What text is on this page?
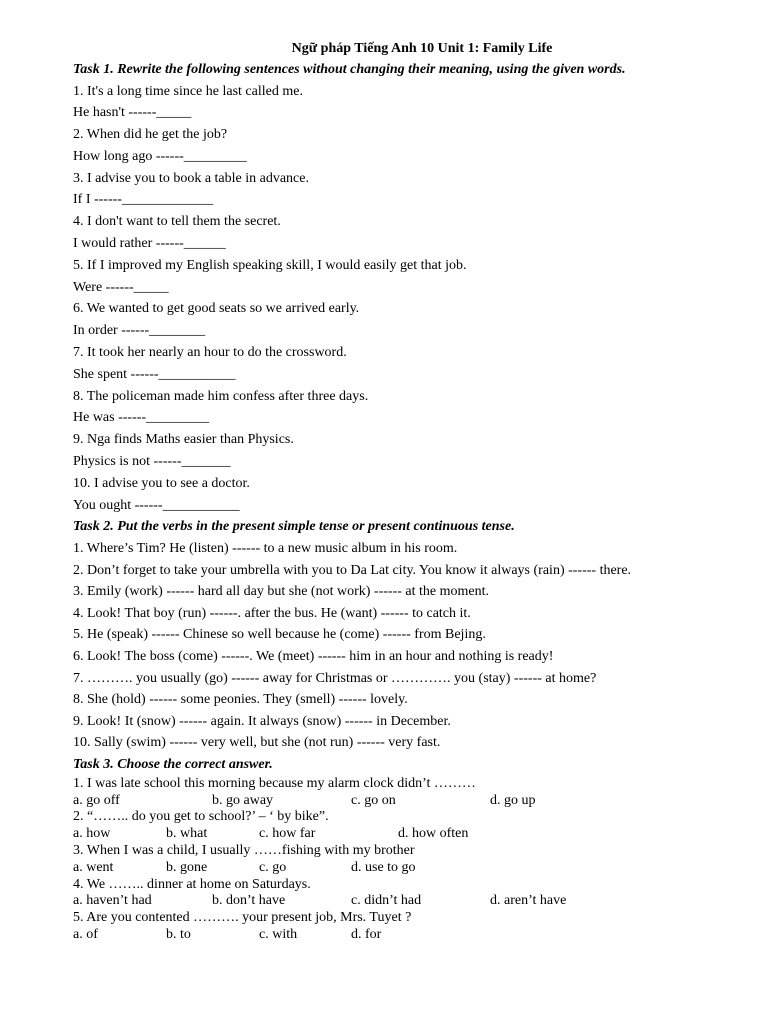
Ngữ pháp Tiếng Anh 10 Unit 1: Family Life
Task 1. Rewrite the following sentences without changing their meaning, using the given words.
1. It's a long time since he last called me.
He hasn't ------_____
2. When did he get the job?
How long ago ------_________
3. I advise you to book a table in advance.
If I ------_____________
4. I don't want to tell them the secret.
I would rather ------______
5. If I improved my English speaking skill, I would easily get that job.
Were ------_____
6. We wanted to get good seats so we arrived early.
In order ------________
7. It took her nearly an hour to do the crossword.
She spent ------___________
8. The policeman made him confess after three days.
He was ------_________
9. Nga finds Maths easier than Physics.
Physics is not ------_______
10. I advise you to see a doctor.
You ought ------___________
Task 2. Put the verbs in the present simple tense or present continuous tense.
1. Where’s Tim? He (listen) ------ to a new music album in his room.
2. Don’t forget to take your umbrella with you to Da Lat city. You know it always (rain) ------ there.
3. Emily (work) ------ hard all day but she (not work) ------ at the moment.
4. Look! That boy (run) ------. after the bus. He (want) ------ to catch it.
5. He (speak) ------ Chinese so well because he (come) ------ from Bejing.
6. Look! The boss (come) ------. We (meet) ------ him in an hour and nothing is ready!
7. ………. you usually (go) ------ away for Christmas or …………. you (stay) ------ at home?
8. She (hold) ------ some peonies. They (smell) ------ lovely.
9. Look! It (snow) ------ again. It always (snow) ------ in December.
10. Sally (swim) ------ very well, but she (not run) ------ very fast.
Task 3. Choose the correct answer.
1. I was late school this morning because my alarm clock didn’t ………
a. go off	b. go away	c. go on	d. go up
2. “…….. do you get to school?’ – ‘ by bike”.
a. how	b. what	c. how far	d. how often
3. When I was a child, I usually ……fishing with my brother
a. went	b. gone	c. go	d. use to go
4. We …….. dinner at home on Saturdays.
a. haven’t had	b. don’t have	c. didn’t had	d. aren’t have
5. Are you contented ………. your present job, Mrs. Tuyet ?
a. of	b. to	c. with	d. for
